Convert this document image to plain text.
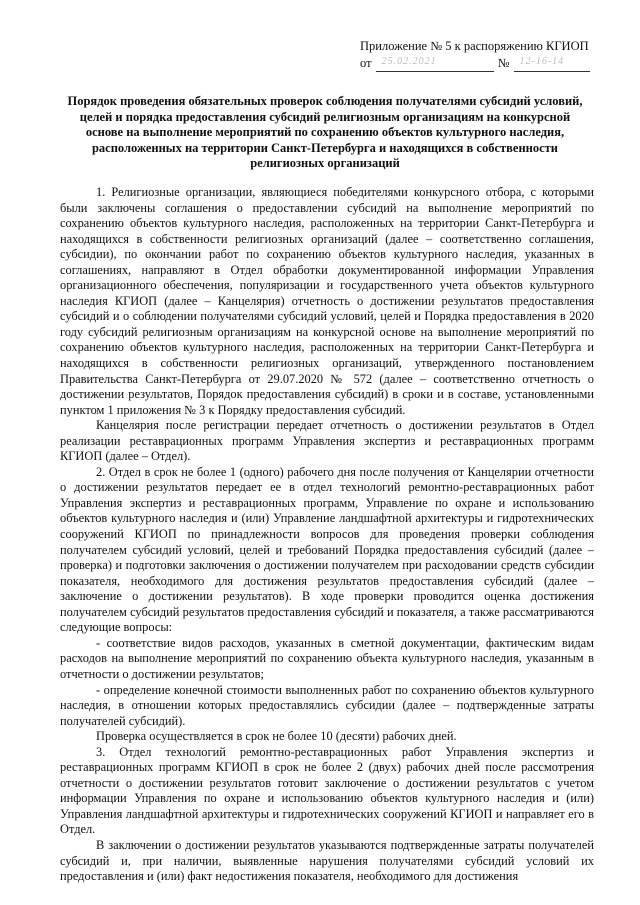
Приложение № 5 к распоряжению КГИОП
от 25.02.2021	№ 12-16-14
Порядок проведения обязательных проверок соблюдения получателями субсидий условий, целей и порядка предоставления субсидий религиозным организациям на конкурсной основе на выполнение мероприятий по сохранению объектов культурного наследия, расположенных на территории Санкт-Петербурга и находящихся в собственности религиозных организаций

1. Религиозные организации, являющиеся победителями конкурсного отбора, с которыми были заключены соглашения о предоставлении субсидий на выполнение мероприятий по сохранению объектов культурного наследия, расположенных на территории Санкт-Петербурга и находящихся в собственности религиозных организаций (далее – соответственно соглашения, субсидии), по окончании работ по сохранению объектов культурного наследия, указанных в соглашениях, направляют в Отдел обработки документированной информации Управления организационного обеспечения, популяризации и государственного учета объектов культурного наследия КГИОП (далее – Канцелярия) отчетность о достижении результатов предоставления субсидий и о соблюдении получателями субсидий условий, целей и Порядка предоставления в 2020 году субсидий религиозным организациям на конкурсной основе на выполнение мероприятий по сохранению объектов культурного наследия, расположенных на территории Санкт-Петербурга и находящихся в собственности религиозных организаций, утвержденного постановлением Правительства Санкт-Петербурга от 29.07.2020 № 572 (далее – соответственно отчетность о достижении результатов, Порядок предоставления субсидий) в сроки и в составе, установленными пунктом 1 приложения № 3 к Порядку предоставления субсидий.

Канцелярия после регистрации передает отчетность о достижении результатов в Отдел реализации реставрационных программ Управления экспертиз и реставрационных программ КГИОП (далее – Отдел).

2. Отдел в срок не более 1 (одного) рабочего дня после получения от Канцелярии отчетности о достижении результатов передает ее в отдел технологий ремонтно-реставрационных работ Управления экспертиз и реставрационных программ, Управление по охране и использованию объектов культурного наследия и (или) Управление ландшафтной архитектуры и гидротехнических сооружений КГИОП по принадлежности вопросов для проведения проверки соблюдения получателем субсидий условий, целей и требований Порядка предоставления субсидий (далее – проверка) и подготовки заключения о достижении получателем при расходовании средств субсидии показателя, необходимого для достижения результатов предоставления субсидий (далее – заключение о достижении результатов). В ходе проверки проводится оценка достижения получателем субсидий результатов предоставления субсидий и показателя, а также рассматриваются следующие вопросы:

- соответствие видов расходов, указанных в сметной документации, фактическим видам расходов на выполнение мероприятий по сохранению объекта культурного наследия, указанным в отчетности о достижении результатов;

- определение конечной стоимости выполненных работ по сохранению объектов культурного наследия, в отношении которых предоставлялись субсидии (далее – подтвержденные затраты получателей субсидий).

Проверка осуществляется в срок не более 10 (десяти) рабочих дней.

3. Отдел технологий ремонтно-реставрационных работ Управления экспертиз и реставрационных программ КГИОП в срок не более 2 (двух) рабочих дней после рассмотрения отчетности о достижении результатов готовит заключение о достижении результатов с учетом информации Управления по охране и использованию объектов культурного наследия и (или) Управления ландшафтной архитектуры и гидротехнических сооружений КГИОП и направляет его в Отдел.

В заключении о достижении результатов указываются подтвержденные затраты получателей субсидий и, при наличии, выявленные нарушения получателями субсидий условий их предоставления и (или) факт недостижения показателя, необходимого для достижения
